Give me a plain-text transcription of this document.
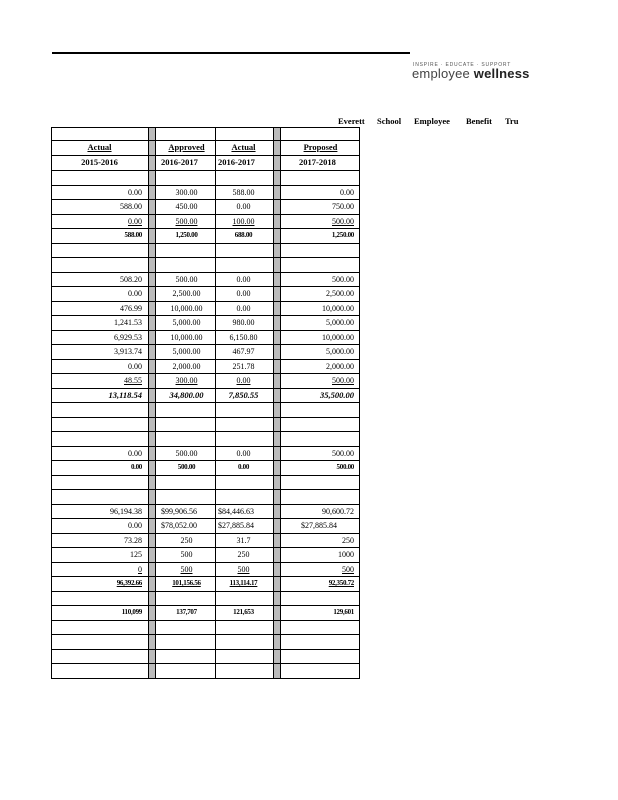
INSPIRE · EDUCATE · SUPPORT
employee wellness
Everett School Employee Benefit Tru
Actual	Approved	Actual	Proposed
2015-2016	2016-2017	2016-2017	2017-2018
0.00	300.00	588.00	0.00
588.00	450.00	0.00	750.00
0.00	500.00	100.00	500.00
588.00	1,250.00	688.00	1,250.00
508.20	500.00	0.00	500.00
0.00	2,500.00	0.00	2,500.00
476.99	10,000.00	0.00	10,000.00
1,241.53	5,000.00	980.00	5,000.00
6,929.53	10,000.00	6,150.80	10,000.00
3,913.74	5,000.00	467.97	5,000.00
0.00	2,000.00	251.78	2,000.00
48.55	300.00	0.00	500.00
13,118.54	34,800.00	7,850.55	35,500.00
0.00	500.00	0.00	500.00
0.00	500.00	0.00	500.00
96,194.38	$99,906.56	$84,446.63	90,600.72
0.00	$78,052.00	$27,885.84	$27,885.84
73.28	250	31.7	250
125	500	250	1000
0	500	500	500
96,392.66	101,156.56	113,114.17	92,350.72
110,099	137,707	121,653	129,601
